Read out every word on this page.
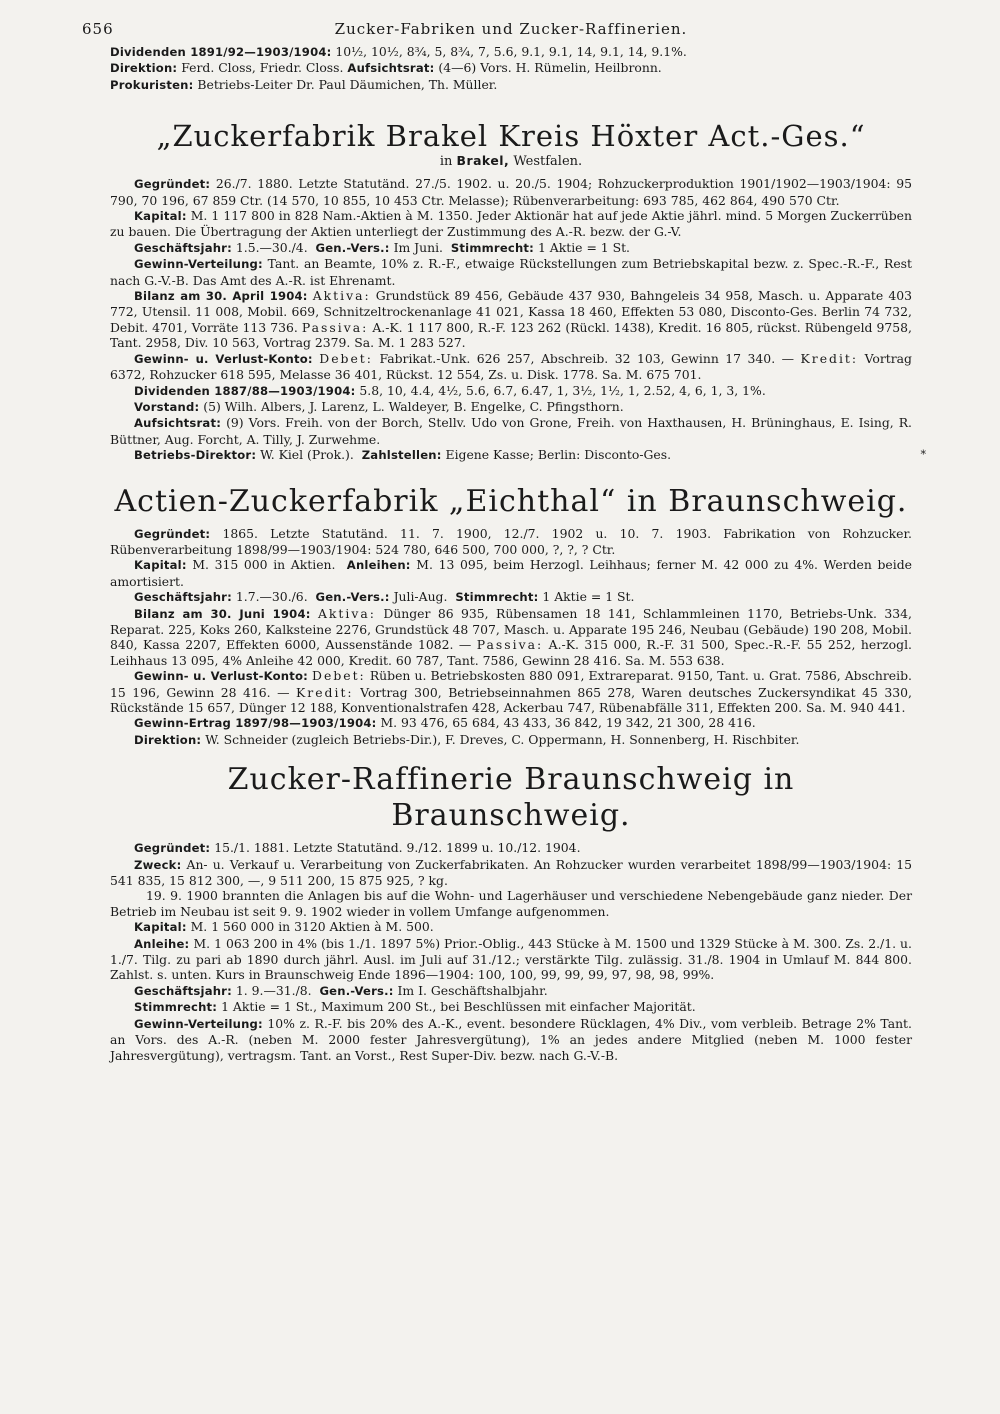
656	Zucker-Fabriken und Zucker-Raffinerien.

Dividenden 1891/92—1903/1904: 10½, 10½, 8¾, 5, 8¾, 7, 5.6, 9.1, 9.1, 14, 9.1, 14, 9.1%.

Direktion: Ferd. Closs, Friedr. Closs. Aufsichtsrat: (4—6) Vors. H. Rümelin, Heilbronn.

Prokuristen: Betriebs-Leiter Dr. Paul Däumichen, Th. Müller.

„Zuckerfabrik Brakel Kreis Höxter Act.-Ges.“
in Brakel, Westfalen.

Gegründet: 26./7. 1880. Letzte Statutänd. 27./5. 1902. u. 20./5. 1904; Rohzuckerproduktion 1901/1902—1903/1904: 95 790, 70 196, 67 859 Ctr. (14 570, 10 855, 10 453 Ctr. Melasse); Rübenverarbeitung: 693 785, 462 864, 490 570 Ctr.

Kapital: M. 1 117 800 in 828 Nam.-Aktien à M. 1350. Jeder Aktionär hat auf jede Aktie jährl. mind. 5 Morgen Zuckerrüben zu bauen. Die Übertragung der Aktien unterliegt der Zustimmung des A.-R. bezw. der G.-V.

Geschäftsjahr: 1.5.—30./4. Gen.-Vers.: Im Juni. Stimmrecht: 1 Aktie = 1 St.

Gewinn-Verteilung: Tant. an Beamte, 10% z. R.-F., etwaige Rückstellungen zum Betriebskapital bezw. z. Spec.-R.-F., Rest nach G.-V.-B. Das Amt des A.-R. ist Ehrenamt.

Bilanz am 30. April 1904: Aktiva: Grundstück 89 456, Gebäude 437 930, Bahngeleis 34 958, Masch. u. Apparate 403 772, Utensil. 11 008, Mobil. 669, Schnitzeltrockenanlage 41 021, Kassa 18 460, Effekten 53 080, Disconto-Ges. Berlin 74 732, Debit. 4701, Vorräte 113 736. Passiva: A.-K. 1 117 800, R.-F. 123 262 (Rückl. 1438), Kredit. 16 805, rückst. Rübengeld 9758, Tant. 2958, Div. 10 563, Vortrag 2379. Sa. M. 1 283 527.

Gewinn- u. Verlust-Konto: Debet: Fabrikat.-Unk. 626 257, Abschreib. 32 103, Gewinn 17 340. — Kredit: Vortrag 6372, Rohzucker 618 595, Melasse 36 401, Rückst. 12 554, Zs. u. Disk. 1778. Sa. M. 675 701.

Dividenden 1887/88—1903/1904: 5.8, 10, 4.4, 4½, 5.6, 6.7, 6.47, 1, 3½, 1½, 1, 2.52, 4, 6, 1, 3, 1%.

Vorstand: (5) Wilh. Albers, J. Larenz, L. Waldeyer, B. Engelke, C. Pfingsthorn.

Aufsichtsrat: (9) Vors. Freih. von der Borch, Stellv. Udo von Grone, Freih. von Haxthausen, H. Brüninghaus, E. Ising, R. Büttner, Aug. Forcht, A. Tilly, J. Zurwehme.

*
Betriebs-Direktor: W. Kiel (Prok.). Zahlstellen: Eigene Kasse; Berlin: Disconto-Ges.

Actien-Zuckerfabrik „Eichthal“ in Braunschweig.

Gegründet: 1865. Letzte Statutänd. 11. 7. 1900, 12./7. 1902 u. 10. 7. 1903. Fabrikation von Rohzucker. Rübenverarbeitung 1898/99—1903/1904: 524 780, 646 500, 700 000, ?, ?, ? Ctr.

Kapital: M. 315 000 in Aktien. Anleihen: M. 13 095, beim Herzogl. Leihhaus; ferner M. 42 000 zu 4%. Werden beide amortisiert.

Geschäftsjahr: 1.7.—30./6. Gen.-Vers.: Juli-Aug. Stimmrecht: 1 Aktie = 1 St.

Bilanz am 30. Juni 1904: Aktiva: Dünger 86 935, Rübensamen 18 141, Schlammleinen 1170, Betriebs-Unk. 334, Reparat. 225, Koks 260, Kalksteine 2276, Grundstück 48 707, Masch. u. Apparate 195 246, Neubau (Gebäude) 190 208, Mobil. 840, Kassa 2207, Effekten 6000, Aussenstände 1082. — Passiva: A.-K. 315 000, R.-F. 31 500, Spec.-R.-F. 55 252, herzogl. Leihhaus 13 095, 4% Anleihe 42 000, Kredit. 60 787, Tant. 7586, Gewinn 28 416. Sa. M. 553 638.

Gewinn- u. Verlust-Konto: Debet: Rüben u. Betriebskosten 880 091, Extrareparat. 9150, Tant. u. Grat. 7586, Abschreib. 15 196, Gewinn 28 416. — Kredit: Vortrag 300, Betriebseinnahmen 865 278, Waren deutsches Zuckersyndikat 45 330, Rückstände 15 657, Dünger 12 188, Konventionalstrafen 428, Ackerbau 747, Rübenabfälle 311, Effekten 200. Sa. M. 940 441.

Gewinn-Ertrag 1897/98—1903/1904: M. 93 476, 65 684, 43 433, 36 842, 19 342, 21 300, 28 416.

Direktion: W. Schneider (zugleich Betriebs-Dir.), F. Dreves, C. Oppermann, H. Sonnenberg, H. Rischbiter.

Zucker-Raffinerie Braunschweig in Braunschweig.

Gegründet: 15./1. 1881. Letzte Statutänd. 9./12. 1899 u. 10./12. 1904.

Zweck: An- u. Verkauf u. Verarbeitung von Zuckerfabrikaten. An Rohzucker wurden verarbeitet 1898/99—1903/1904: 15 541 835, 15 812 300, —, 9 511 200, 15 875 925, ? kg.

19. 9. 1900 brannten die Anlagen bis auf die Wohn- und Lagerhäuser und verschiedene Nebengebäude ganz nieder. Der Betrieb im Neubau ist seit 9. 9. 1902 wieder in vollem Umfange aufgenommen.

Kapital: M. 1 560 000 in 3120 Aktien à M. 500.

Anleihe: M. 1 063 200 in 4% (bis 1./1. 1897 5%) Prior.-Oblig., 443 Stücke à M. 1500 und 1329 Stücke à M. 300. Zs. 2./1. u. 1./7. Tilg. zu pari ab 1890 durch jährl. Ausl. im Juli auf 31./12.; verstärkte Tilg. zulässig. 31./8. 1904 in Umlauf M. 844 800. Zahlst. s. unten. Kurs in Braunschweig Ende 1896—1904: 100, 100, 99, 99, 99, 97, 98, 98, 99%.

Geschäftsjahr: 1. 9.—31./8. Gen.-Vers.: Im I. Geschäftshalbjahr.

Stimmrecht: 1 Aktie = 1 St., Maximum 200 St., bei Beschlüssen mit einfacher Majorität.

Gewinn-Verteilung: 10% z. R.-F. bis 20% des A.-K., event. besondere Rücklagen, 4% Div., vom verbleib. Betrage 2% Tant. an Vors. des A.-R. (neben M. 2000 fester Jahresvergütung), 1% an jedes andere Mitglied (neben M. 1000 fester Jahresvergütung), vertragsm. Tant. an Vorst., Rest Super-Div. bezw. nach G.-V.-B.
